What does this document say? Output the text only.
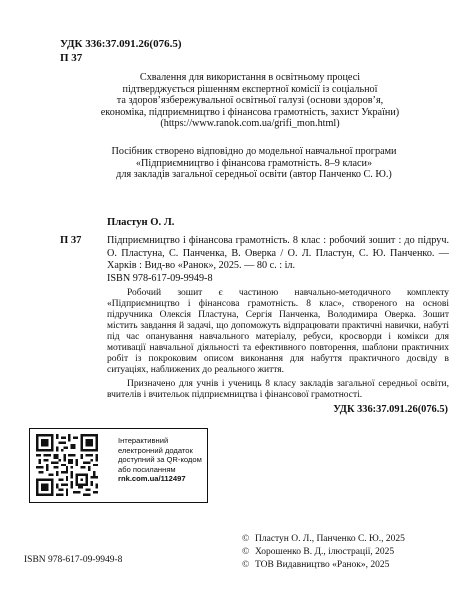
УДК 336:37.091.26(076.5)
П 37
Схвалення для використання в освітньому процесі
підтверджується рішенням експертної комісії із соціальної
та здоров’язбережувальної освітньої галузі (основи здоров’я,
економіка, підприємництво і фінансова грамотність, захист України)
(https://www.ranok.com.ua/grifi_mon.html)
Посібник створено відповідно до модельної навчальної програми
«Підприємництво і фінансова грамотність. 8–9 класи»
для закладів загальної середньої освіти (автор Панченко С. Ю.)
Пластун О. Л.
П 37	Підприємництво і фінансова грамотність. 8 клас : робочий зошит : до підруч. О. Пластуна, С. Панченка, В. Оверка / О. Л. Пластун, С. Ю. Панченко. — Харків : Вид-во «Ранок», 2025. — 80 с. : іл.
ISBN 978-617-09-9949-8
Робочий зошит є частиною навчально-методичного комплекту «Підприємництво і фінансова грамотність. 8 клас», створеного на основі підручника Олексія Пластуна, Сергія Панченка, Володимира Оверка. Зошит містить завдання й задачі, що допоможуть відпрацювати практичні навички, набуті під час опанування навчального матеріалу, ребуси, кросворди і комікси для мотивації навчальної діяльності та ефективного повторення, шаблони практичних робіт із покроковим описом виконання для набуття практичного досвіду в ситуаціях, наближених до реального життя.
Призначено для учнів і учениць 8 класу закладів загальної середньої освіти, вчителів і вчительок підприємництва і фінансової грамотності.
УДК 336:37.091.26(076.5)
Інтерактивний
електронний додаток
доступний за QR-кодом
або посиланням
rnk.com.ua/112497
ISBN 978-617-09-9949-8
© Пластун О. Л., Панченко С. Ю., 2025
© Хорошенко В. Д., ілюстрації, 2025
© ТОВ Видавництво «Ранок», 2025
